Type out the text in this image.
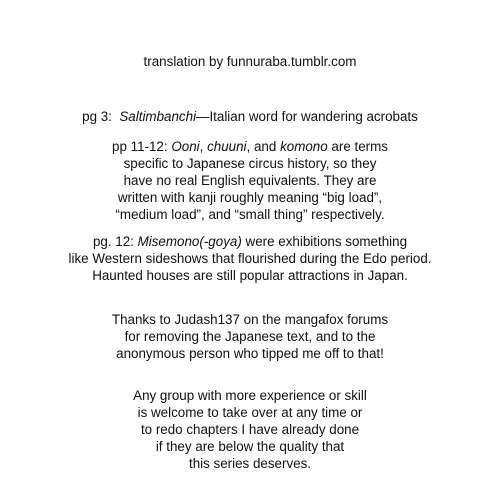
translation by funnuraba.tumblr.com
pg 3: Saltimbanchi—Italian word for wandering acrobats
pp 11-12: Ooni, chuuni, and komono are terms
specific to Japanese circus history, so they
have no real English equivalents. They are
written with kanji roughly meaning “big load”,
“medium load”, and “small thing” respectively.
pg. 12: Misemono(-goya) were exhibitions something
like Western sideshows that flourished during the Edo period.
Haunted houses are still popular attractions in Japan.
Thanks to Judash137 on the mangafox forums
for removing the Japanese text, and to the
anonymous person who tipped me off to that!
Any group with more experience or skill
is welcome to take over at any time or
to redo chapters I have already done
if they are below the quality that
this series deserves.
